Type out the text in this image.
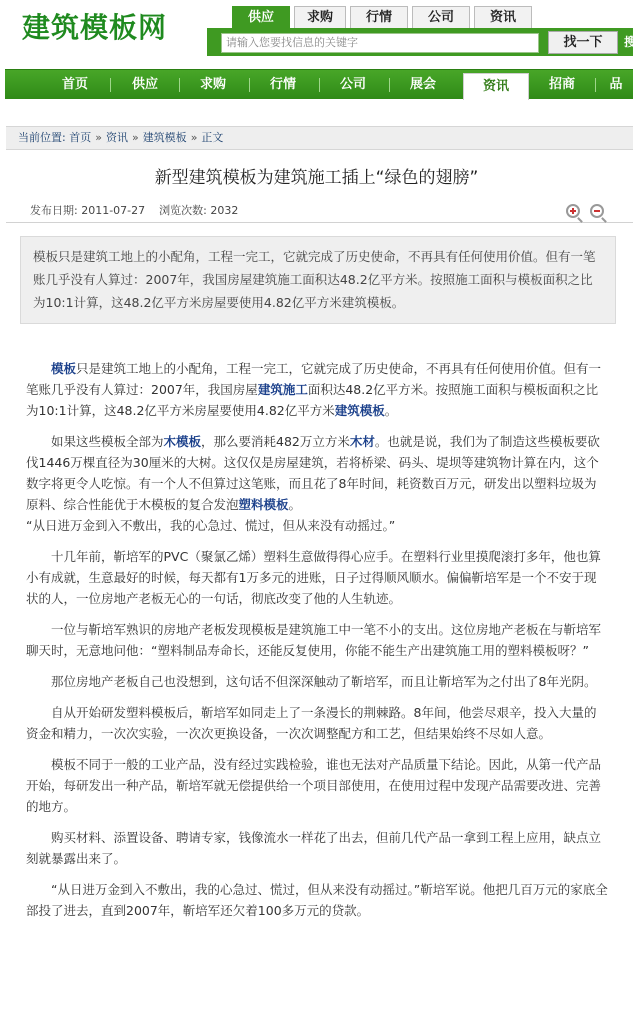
建筑模板网	供应	求购	行情	公司	资讯
请输入您要找信息的关键字	找一下	搜
首页	供应	求购	行情	公司	展会	资讯	招商	品
当前位置: 首页 » 资讯 » 建筑模板 » 正文
新型建筑模板为建筑施工插上“绿色的翅膀”
发布日期: 2011-07-27 浏览次数: 2032
模板只是建筑工地上的小配角，工程一完工，它就完成了历史使命，不再具有任何使用价值。但有一笔账几乎没有人算过：2007年，我国房屋建筑施工面积达48.2亿平方米。按照施工面积与模板面积之比为10:1计算，这48.2亿平方米房屋要使用4.82亿平方米建筑模板。

模板只是建筑工地上的小配角，工程一完工，它就完成了历史使命，不再具有任何使用价值。但有一笔账几乎没有人算过：2007年，我国房屋建筑施工面积达48.2亿平方米。按照施工面积与模板面积之比为10:1计算，这48.2亿平方米房屋要使用4.82亿平方米建筑模板。

如果这些模板全部为木模板，那么要消耗482万立方米木材。也就是说，我们为了制造这些模板要砍伐1446万棵直径为30厘米的大树。这仅仅是房屋建筑，若将桥梁、码头、堤坝等建筑物计算在内，这个数字将更令人吃惊。有一个人不但算过这笔账，而且花了8年时间，耗资数百万元，研发出以塑料垃圾为原料、综合性能优于木模板的复合发泡塑料模板。

“从日进万金到入不敷出，我的心急过、慌过，但从来没有动摇过。”

十几年前，靳培军的PVC（聚氯乙烯）塑料生意做得得心应手。在塑料行业里摸爬滚打多年，他也算小有成就，生意最好的时候，每天都有1万多元的进账，日子过得顺风顺水。偏偏靳培军是一个不安于现状的人，一位房地产老板无心的一句话，彻底改变了他的人生轨迹。

一位与靳培军熟识的房地产老板发现模板是建筑施工中一笔不小的支出。这位房地产老板在与靳培军聊天时，无意地问他：“塑料制品寿命长，还能反复使用，你能不能生产出建筑施工用的塑料模板呀？”

那位房地产老板自己也没想到，这句话不但深深触动了靳培军，而且让靳培军为之付出了8年光阴。

自从开始研发塑料模板后，靳培军如同走上了一条漫长的荆棘路。8年间，他尝尽艰辛，投入大量的资金和精力，一次次实验，一次次更换设备，一次次调整配方和工艺，但结果始终不尽如人意。

模板不同于一般的工业产品，没有经过实践检验，谁也无法对产品质量下结论。因此，从第一代产品开始，每研发出一种产品，靳培军就无偿提供给一个项目部使用，在使用过程中发现产品需要改进、完善的地方。

购买材料、添置设备、聘请专家，钱像流水一样花了出去，但前几代产品一拿到工程上应用，缺点立刻就暴露出来了。

“从日进万金到入不敷出，我的心急过、慌过，但从来没有动摇过。”靳培军说。他把几百万元的家底全部投了进去，直到2007年，靳培军还欠着100多万元的贷款。
